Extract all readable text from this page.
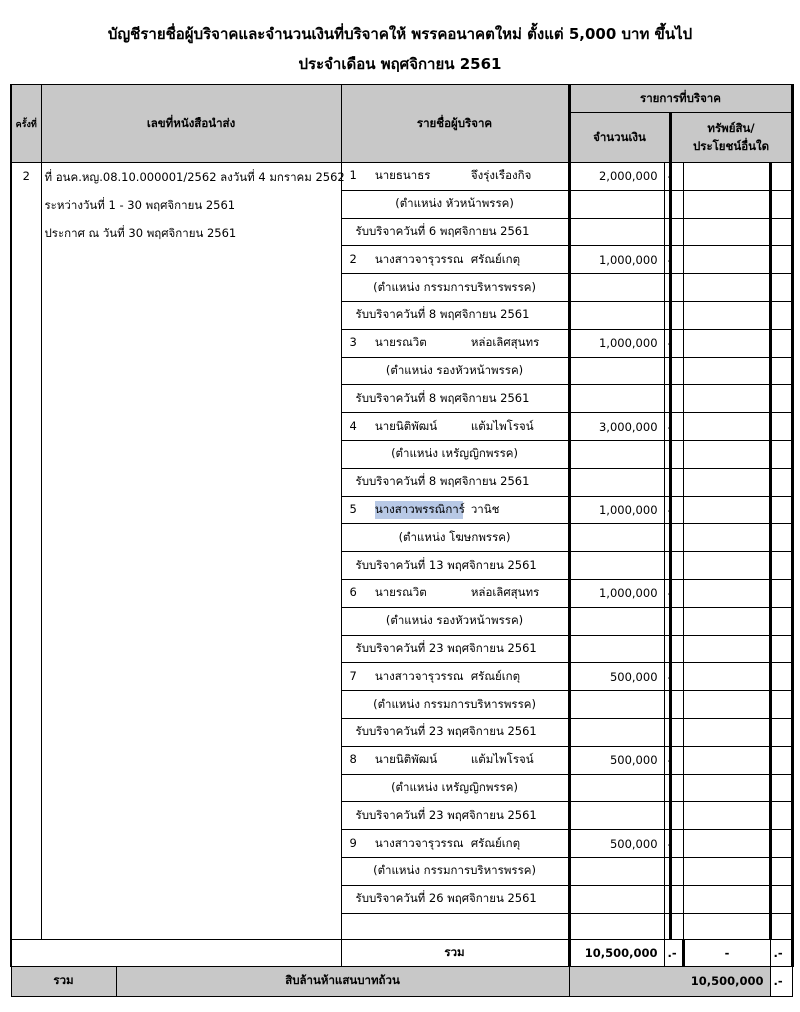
บัญชีรายชื่อผู้บริจาคและจำนวนเงินที่บริจาคให้ พรรคอนาคตใหม่ ตั้งแต่ 5,000 บาท ขึ้นไป
ประจำเดือน พฤศจิกายน 2561
ครั้งที่	เลขที่หนังสือนำส่ง		รายชื่อผู้บริจาค	รายการที่บริจาค				
				จำนวนเงิน		ทรัพย์สิน/
ประโยชน์อื่นใด		
2	ที่ อนค.หญ.08.10.000001/2562 ลงวันที่ 4 มกราคม 2562
ระหว่างวันที่ 1 - 30 พฤศจิกายน 2561
ประกาศ ณ วันที่ 30 พฤศจิกายน 2561		1 นายธนาธร จึงรุ่งเรืองกิจ	2,000,000	-			
			(ตำแหน่ง หัวหน้าพรรค)					
			รับบริจาควันที่ 6 พฤศจิกายน 2561					
			2 นางสาวจารุวรรณ ศรัณย์เกตุ	1,000,000	-			
			(ตำแหน่ง กรรมการบริหารพรรค)					
			รับบริจาควันที่ 8 พฤศจิกายน 2561					
			3 นายรณวิต หล่อเลิศสุนทร	1,000,000	-			
			(ตำแหน่ง รองหัวหน้าพรรค)					
			รับบริจาควันที่ 8 พฤศจิกายน 2561					
			4 นายนิติพัฒน์ แต้มไพโรจน์	3,000,000	-			
			(ตำแหน่ง เหรัญญิกพรรค)					
			รับบริจาควันที่ 8 พฤศจิกายน 2561					
			5 นางสาวพรรณิการ์ วานิช	1,000,000	-			
			(ตำแหน่ง โฆษกพรรค)					
			รับบริจาควันที่ 13 พฤศจิกายน 2561					
			6 นายรณวิต หล่อเลิศสุนทร	1,000,000	-			
			(ตำแหน่ง รองหัวหน้าพรรค)					
			รับบริจาควันที่ 23 พฤศจิกายน 2561					
			7 นางสาวจารุวรรณ ศรัณย์เกตุ	500,000	-			
			(ตำแหน่ง กรรมการบริหารพรรค)					
			รับบริจาควันที่ 23 พฤศจิกายน 2561					
			8 นายนิติพัฒน์ แต้มไพโรจน์	500,000	-			
			(ตำแหน่ง เหรัญญิกพรรค)					
			รับบริจาควันที่ 23 พฤศจิกายน 2561					
			9 นางสาวจารุวรรณ ศรัณย์เกตุ	500,000	-			
			(ตำแหน่ง กรรมการบริหารพรรค)					
			รับบริจาควันที่ 26 พฤศจิกายน 2561					

			รวม	10,500,000	.-		-	.-
รวม		สิบล้านห้าแสนบาทถ้วน		10,500,000				.-
